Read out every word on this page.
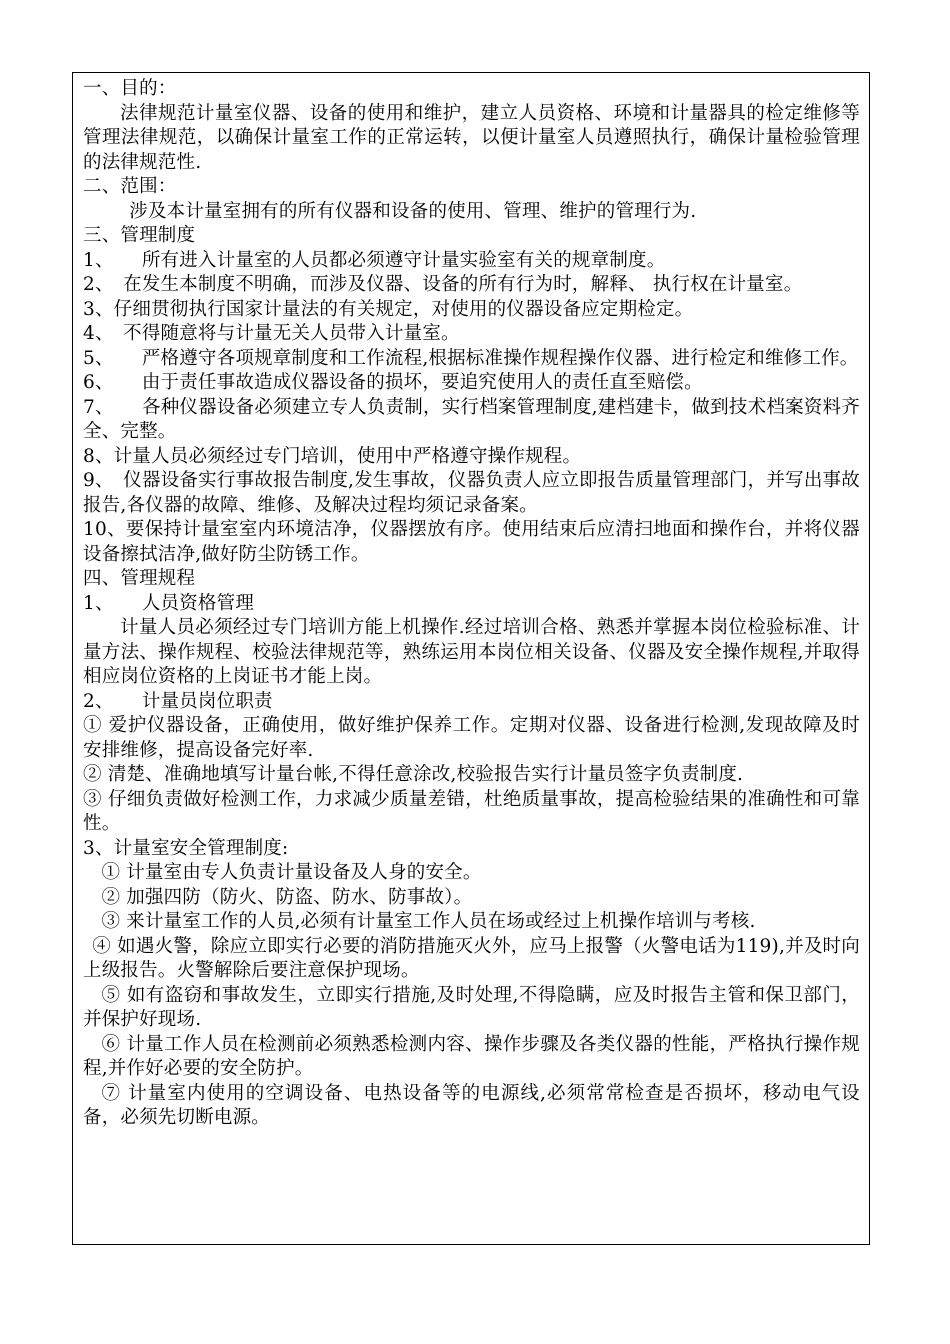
一、目的：

法律规范计量室仪器、设备的使用和维护，建立人员资格、环境和计量器具的检定维修等管理法律规范，以确保计量室工作的正常运转，以便计量室人员遵照执行，确保计量检验管理的法律规范性.

二、范围：

涉及本计量室拥有的所有仪器和设备的使用、管理、维护的管理行为.

三、管理制度

1、　　所有进入计量室的人员都必须遵守计量实验室有关的规章制度。

2、　在发生本制度不明确，而涉及仪器、设备的所有行为时，解释、 执行权在计量室。

3、仔细贯彻执行国家计量法的有关规定，对使用的仪器设备应定期检定。

4、　不得随意将与计量无关人员带入计量室。

5、　　严格遵守各项规章制度和工作流程,根据标准操作规程操作仪器、进行检定和维修工作。

6、　　由于责任事故造成仪器设备的损坏，要追究使用人的责任直至赔偿。

7、　　各种仪器设备必须建立专人负责制，实行档案管理制度,建档建卡，做到技术档案资料齐全、完整。

8、计量人员必须经过专门培训，使用中严格遵守操作规程。

9、　仪器设备实行事故报告制度,发生事故，仪器负责人应立即报告质量管理部门，并写出事故报告,各仪器的故障、维修、及解决过程均须记录备案。

10、要保持计量室室内环境洁净，仪器摆放有序。使用结束后应清扫地面和操作台，并将仪器设备擦拭洁净,做好防尘防锈工作。

四、管理规程

1、　　人员资格管理

计量人员必须经过专门培训方能上机操作.经过培训合格、熟悉并掌握本岗位检验标准、计量方法、操作规程、校验法律规范等，熟练运用本岗位相关设备、仪器及安全操作规程,并取得相应岗位资格的上岗证书才能上岗。

2、　　计量员岗位职责

① 爱护仪器设备，正确使用，做好维护保养工作。定期对仪器、设备进行检测,发现故障及时安排维修，提高设备完好率.

② 清楚、准确地填写计量台帐,不得任意涂改,校验报告实行计量员签字负责制度.

③ 仔细负责做好检测工作，力求减少质量差错，杜绝质量事故，提高检验结果的准确性和可靠性。

3、计量室安全管理制度:

① 计量室由专人负责计量设备及人身的安全。

② 加强四防（防火、防盗、防水、防事故）。

③ 来计量室工作的人员,必须有计量室工作人员在场或经过上机操作培训与考核.

④ 如遇火警，除应立即实行必要的消防措施灭火外，应马上报警（火警电话为119),并及时向上级报告。火警解除后要注意保护现场。

⑤ 如有盗窃和事故发生，立即实行措施,及时处理,不得隐瞒，应及时报告主管和保卫部门，并保护好现场.

⑥ 计量工作人员在检测前必须熟悉检测内容、操作步骤及各类仪器的性能，严格执行操作规程,并作好必要的安全防护。

⑦ 计量室内使用的空调设备、电热设备等的电源线,必须常常检查是否损坏，移动电气设备，必须先切断电源。
